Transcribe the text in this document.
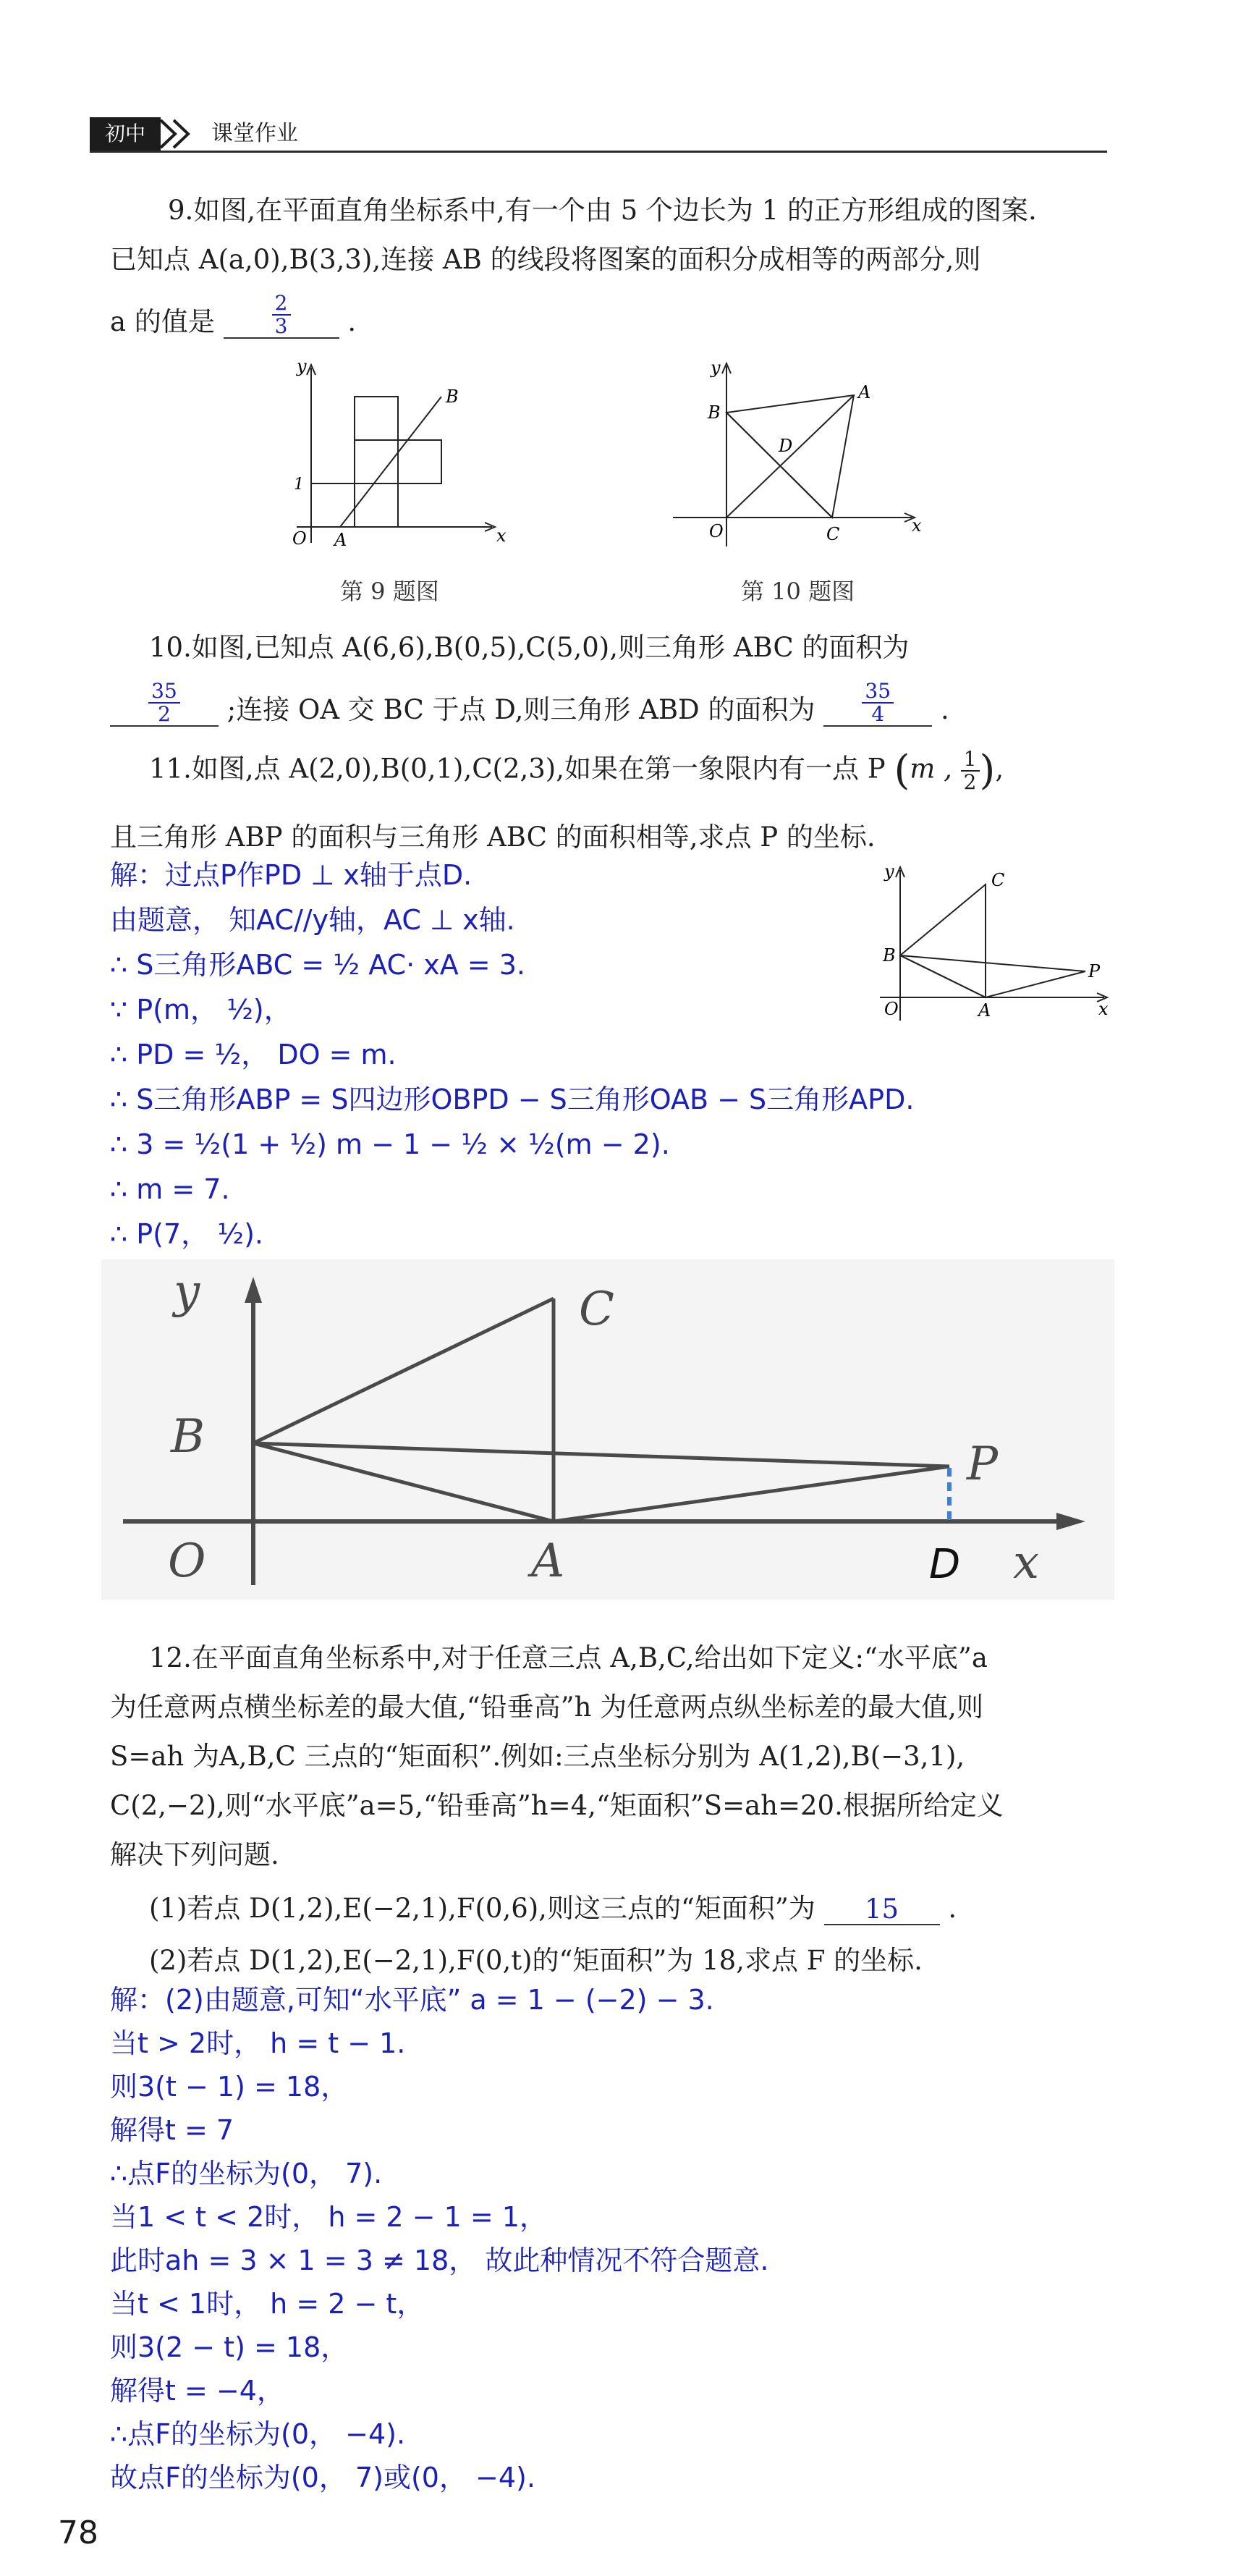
初中	课堂作业
9.如图,在平面直角坐标系中,有一个由 5 个边长为 1 的正方形组成的图案.
已知点 A(a,0),B(3,3),连接 AB 的线段将图案的面积分成相等的两部分,则
a 的值是	$\frac{2}{3}$ .
y
x
O A
B
1
第 9 题图
y
x
O
A
B
C
D
第 10 题图
10.如图,已知点 A(6,6),B(0,5),C(5,0),则三角形 ABC 的面积为
$\frac{35}{2}$ ;连接 OA 交 BC 于点 D,则三角形 ABD 的面积为 $\frac{35}{4}$ .
11.如图,点 A(2,0),B(0,1),C(2,3),如果在第一象限内有一点 P (m , $\frac{1}{2}$ ),
且三角形 ABP 的面积与三角形 ABC 的面积相等,求点 P 的坐标.
解：过点P作PD ⊥ x轴于点D.
由题意， 知AC//y轴，AC ⊥ x轴.
∴ S三角形ABC = ½ AC· xA = 3.
∵ P(m， ½)，
∴ PD = ½， DO = m.
∴ S三角形ABP = S四边形OBPD − S三角形OAB − S三角形APD.
∴ 3 = ½(1 + ½) m − 1 − ½ × ½(m − 2).
∴ m = 7.
∴ P(7， ½).
y
x
O	A
B
C
P
y
x
O	A
B
C
P
D
12.在平面直角坐标系中,对于任意三点 A,B,C,给出如下定义:“水平底”a
为任意两点横坐标差的最大值,“铅垂高”h 为任意两点纵坐标差的最大值,则
S=ah 为A,B,C 三点的“矩面积”.例如:三点坐标分别为 A(1,2),B(−3,1),
C(2,−2),则“水平底”a=5,“铅垂高”h=4,“矩面积”S=ah=20.根据所给定义
解决下列问题.
(1)若点 D(1,2),E(−2,1),F(0,6),则这三点的“矩面积”为 15 .
(2)若点 D(1,2),E(−2,1),F(0,t)的“矩面积”为 18,求点 F 的坐标.
解：(2)由题意,可知“水平底” a = 1 − (−2) − 3.
当t > 2时， h = t − 1.
则3(t − 1) = 18，
解得t = 7
∴点F的坐标为(0， 7).
当1 < t < 2时， h = 2 − 1 = 1，
此时ah = 3 × 1 = 3 ≠ 18， 故此种情况不符合题意.
当t < 1时， h = 2 − t，
则3(2 − t) = 18，
解得t = −4，
∴点F的坐标为(0， −4).
故点F的坐标为(0， 7)或(0， −4).
78
